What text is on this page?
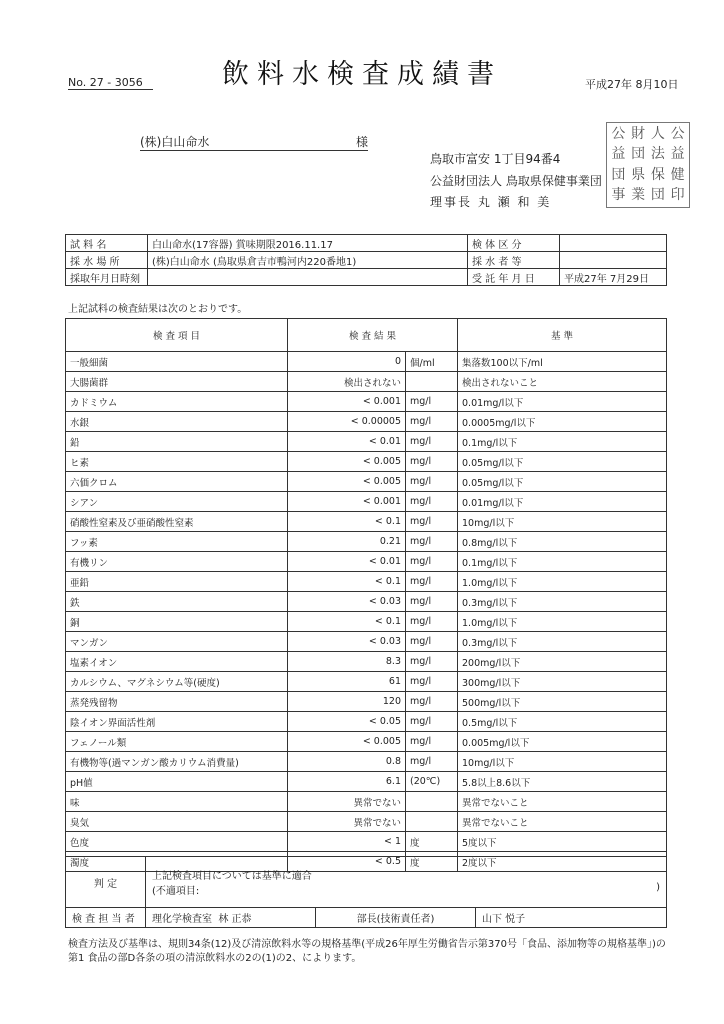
No. 27 - 3056	飲料水検査成績書	平成27年 8月10日
(株)白山命水	様
鳥取市富安 1丁目94番4
公益財団法人 鳥取県保健事業団
理事長 丸 瀬 和 美
公 財 人 公
益 団 法 益
団 県 保 健
事 業 団 印
試 料 名	白山命水(17容器) 賞味期限2016.11.17	検 体 区 分	
採 水 場 所	(株)白山命水 (鳥取県倉吉市鴨河内220番地1)	採 水 者 等	
採取年月日時刻		受 託 年 月 日	平成27年 7月29日
上記試料の検査結果は次のとおりです。
検 査 項 目	検 査 結 果		基 準
一般細菌	0	個/ml	集落数100以下/ml
大腸菌群	検出されない		検出されないこと
カドミウム	< 0.001	mg/l	0.01mg/l以下
水銀	< 0.00005	mg/l	0.0005mg/l以下
鉛	< 0.01	mg/l	0.1mg/l以下
ヒ素	< 0.005	mg/l	0.05mg/l以下
六価クロム	< 0.005	mg/l	0.05mg/l以下
シアン	< 0.001	mg/l	0.01mg/l以下
硝酸性窒素及び亜硝酸性窒素	< 0.1	mg/l	10mg/l以下
フッ素	0.21	mg/l	0.8mg/l以下
有機リン	< 0.01	mg/l	0.1mg/l以下
亜鉛	< 0.1	mg/l	1.0mg/l以下
鉄	< 0.03	mg/l	0.3mg/l以下
銅	< 0.1	mg/l	1.0mg/l以下
マンガン	< 0.03	mg/l	0.3mg/l以下
塩素イオン	8.3	mg/l	200mg/l以下
カルシウム、マグネシウム等(硬度)	61	mg/l	300mg/l以下
蒸発残留物	120	mg/l	500mg/l以下
陰イオン界面活性剤	< 0.05	mg/l	0.5mg/l以下
フェノール類	< 0.005	mg/l	0.005mg/l以下
有機物等(過マンガン酸カリウム消費量)	0.8	mg/l	10mg/l以下
pH値	6.1	(20℃)	5.8以上8.6以下
味	異常でない		異常でないこと
臭気	異常でない		異常でないこと
色度	< 1	度	5度以下
濁度	< 0.5	度	2度以下
判 定	上記検査項目については基準に適合
(不適項目: )		

検 査 担 当 者	理化学検査室 林 正恭	部長(技術責任者)	山下 悦子
検査方法及び基準は、規則34条(12)及び清涼飲料水等の規格基準(平成26年厚生労働省告示第370号「食品、添加物等の規格基準」)の第1 食品の部D各条の項の清涼飲料水の2の(1)の2、によります。
